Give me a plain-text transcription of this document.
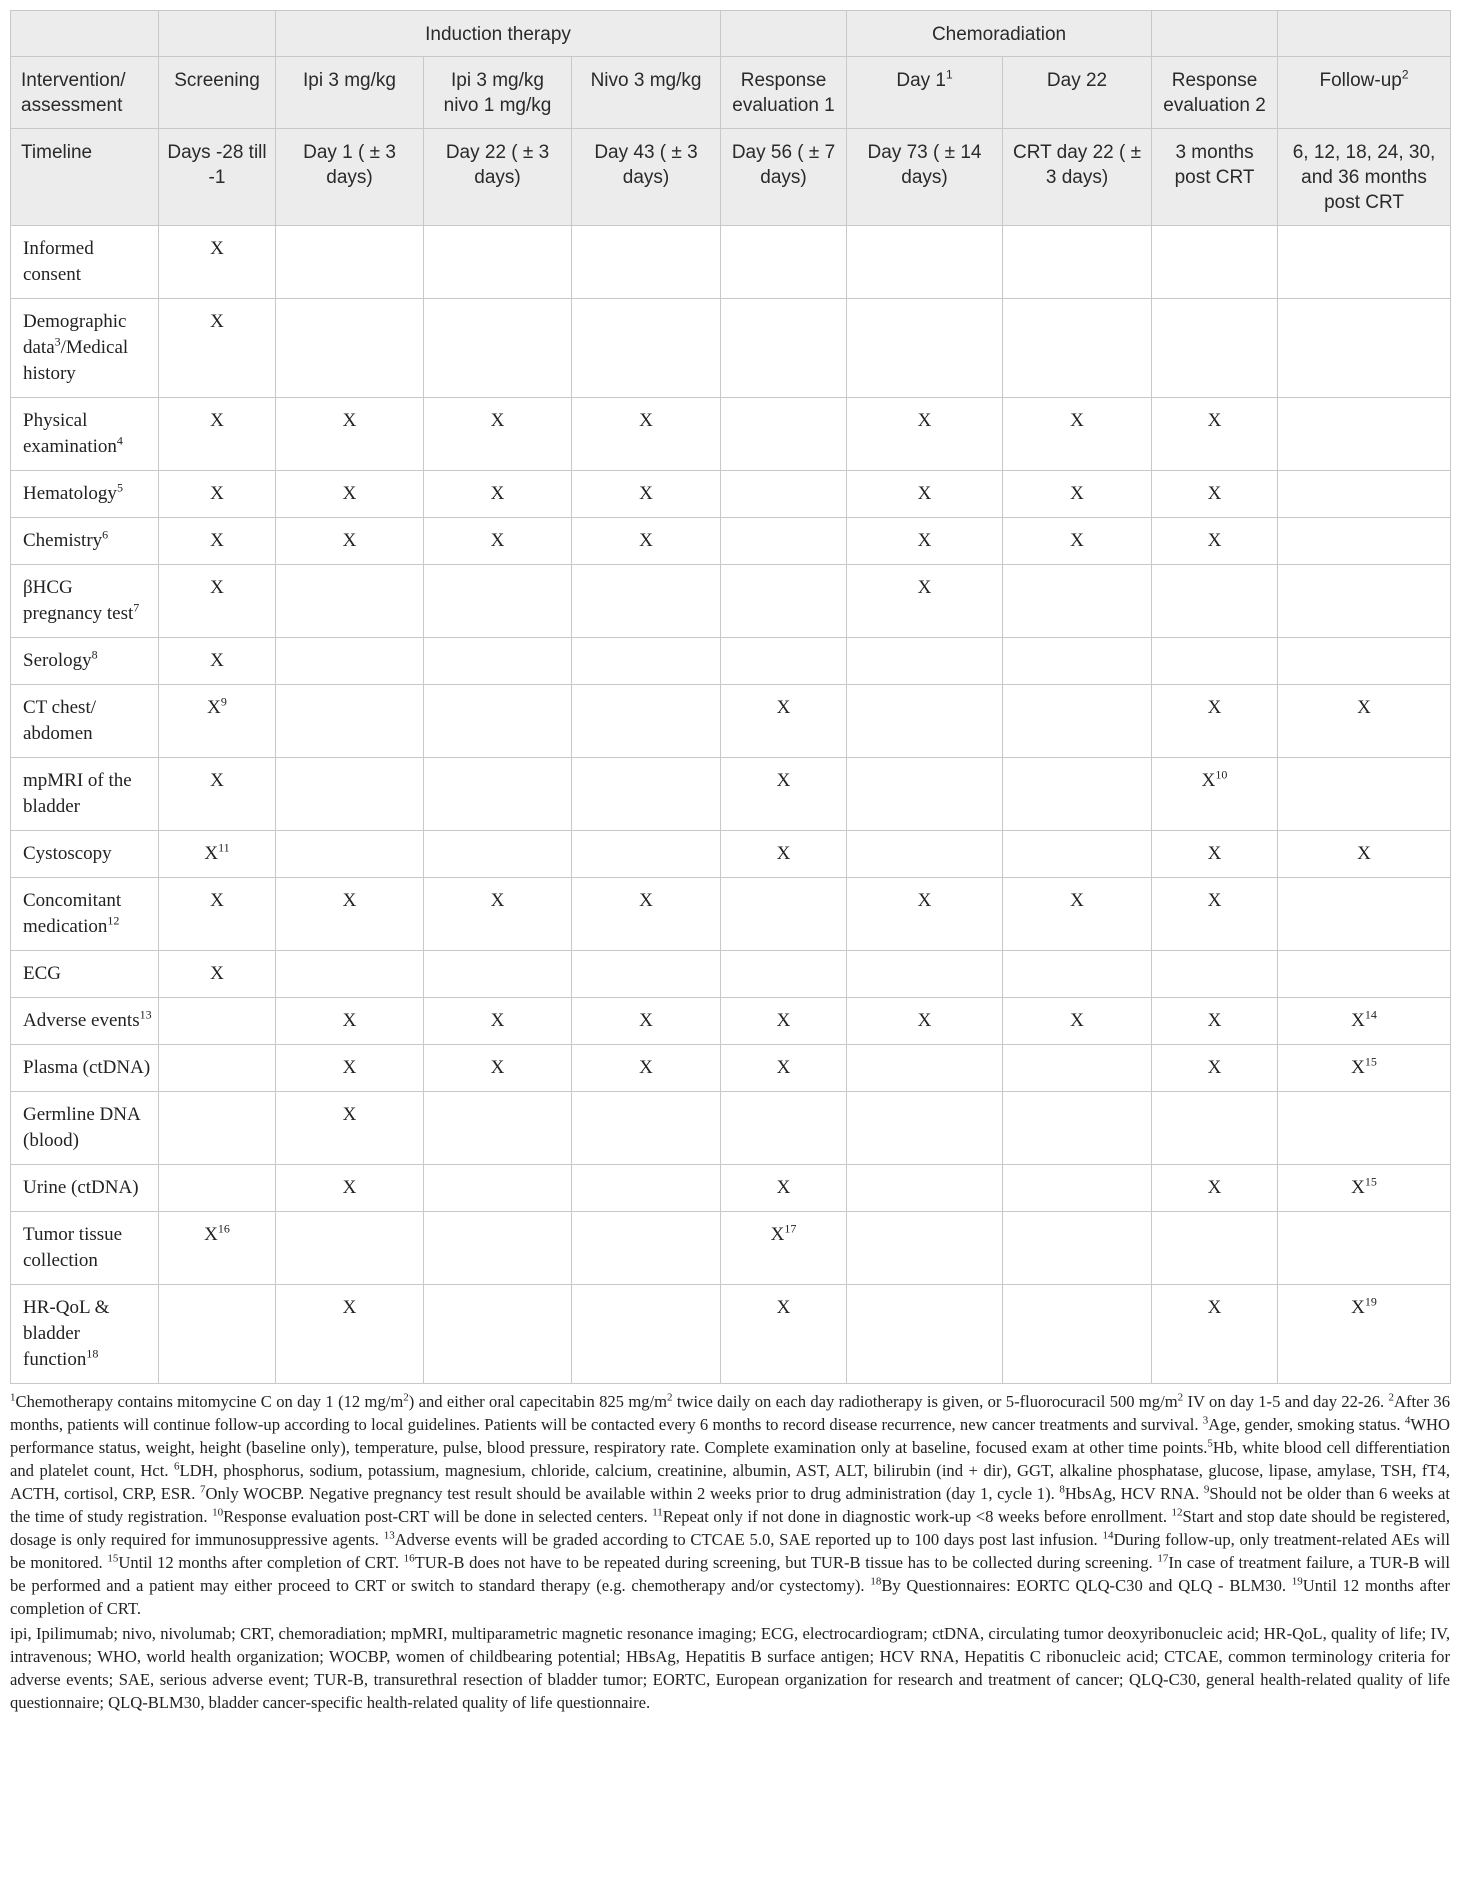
		Induction therapy				Chemoradiation			
Intervention/ assessment	Screening	Ipi 3 mg/kg	Ipi 3 mg/kg nivo 1 mg/kg	Nivo 3 mg/kg	Response evaluation 1	Day $1^1$	Day 22	Response evaluation 2	Follow-$up^2$
Timeline	Days -28 till -1	Day 1 ( ± 3 days)	Day 22 ( ± 3 days)	Day 43 ( ± 3 days)	Day 56 ( ± 7 days)	Day 73 ( ± 14 days)	CRT day 22 ( ± 3 days)	3 months post CRT	6, 12, 18, 24, 30, and 36 months post CRT
Informed consent	X								
Demographic data$^3$/Medical history	X								
Physical examination$^4$	X	X	X	X		X	X	X	
Hematology$^5$	X	X	X	X		X	X	X	
Chemistry$^6$	X	X	X	X		X	X	X	
βHCG pregnancy test$^7$	X					X			
Serology$^8$	X								
CT chest/ abdomen	$X^9$				X			X	X
mpMRI of the bladder	X				X			$X^{10}$	
Cystoscopy	$X^{11}$				X			X	X
Concomitant medication$^{12}$	X	X	X	X		X	X	X	
ECG	X								
Adverse events$^{13}$		X	X	X	X	X	X	X	$X^{14}$
Plasma (ctDNA)		X	X	X	X			X	$X^{15}$
Germline DNA (blood)		X							
Urine (ctDNA)		X			X			X	$X^{15}$
Tumor tissue collection	$X^{16}$				$X^{17}$				
HR-QoL & bladder function$^{18}$		X			X			X	$X^{19}$

$^1$Chemotherapy contains mitomycine C on day 1 (12 $mg/m^2$) and either oral capecitabin 825 $mg/m^2$ twice daily on each day radiotherapy is given, or 5-fluorocuracil 500 $mg/m^2$ IV on day 1-5 and day 22-26. $^2$After 36 months, patients will continue follow-up according to local guidelines. Patients will be contacted every 6 months to record disease recurrence, new cancer treatments and survival. $^3$Age, gender, smoking status. $^4$WHO performance status, weight, height (baseline only), temperature, pulse, blood pressure, respiratory rate. Complete examination only at baseline, focused exam at other time points.$^5$Hb, white blood cell differentiation and platelet count, Hct. $^6$LDH, phosphorus, sodium, potassium, magnesium, chloride, calcium, creatinine, albumin, AST, ALT, bilirubin (ind + dir), GGT, alkaline phosphatase, glucose, lipase, amylase, TSH, fT4, ACTH, cortisol, CRP, ESR. $^7$Only WOCBP. Negative pregnancy test result should be available within 2 weeks prior to drug administration (day 1, cycle 1). $^8$HbsAg, HCV RNA. $^9$Should not be older than 6 weeks at the time of study registration. $^{10}$Response evaluation post-CRT will be done in selected centers. $^{11}$Repeat only if not done in diagnostic work-up <8 weeks before enrollment. $^{12}$Start and stop date should be registered, dosage is only required for immunosuppressive agents. $^{13}$Adverse events will be graded according to CTCAE 5.0, SAE reported up to 100 days post last infusion. $^{14}$During follow-up, only treatment-related AEs will be monitored. $^{15}$Until 12 months after completion of CRT. $^{16}$TUR-B does not have to be repeated during screening, but TUR-B tissue has to be collected during screening. $^{17}$In case of treatment failure, a TUR-B will be performed and a patient may either proceed to CRT or switch to standard therapy (e.g. chemotherapy and/or cystectomy). $^{18}$By Questionnaires: EORTC QLQ-C30 and QLQ - BLM30. $^{19}$Until 12 months after completion of CRT.

ipi, Ipilimumab; nivo, nivolumab; CRT, chemoradiation; mpMRI, multiparametric magnetic resonance imaging; ECG, electrocardiogram; ctDNA, circulating tumor deoxyribonucleic acid; HR-QoL, quality of life; IV, intravenous; WHO, world health organization; WOCBP, women of childbearing potential; HBsAg, Hepatitis B surface antigen; HCV RNA, Hepatitis C ribonucleic acid; CTCAE, common terminology criteria for adverse events; SAE, serious adverse event; TUR-B, transurethral resection of bladder tumor; EORTC, European organization for research and treatment of cancer; QLQ-C30, general health-related quality of life questionnaire; QLQ-BLM30, bladder cancer-specific health-related quality of life questionnaire.
